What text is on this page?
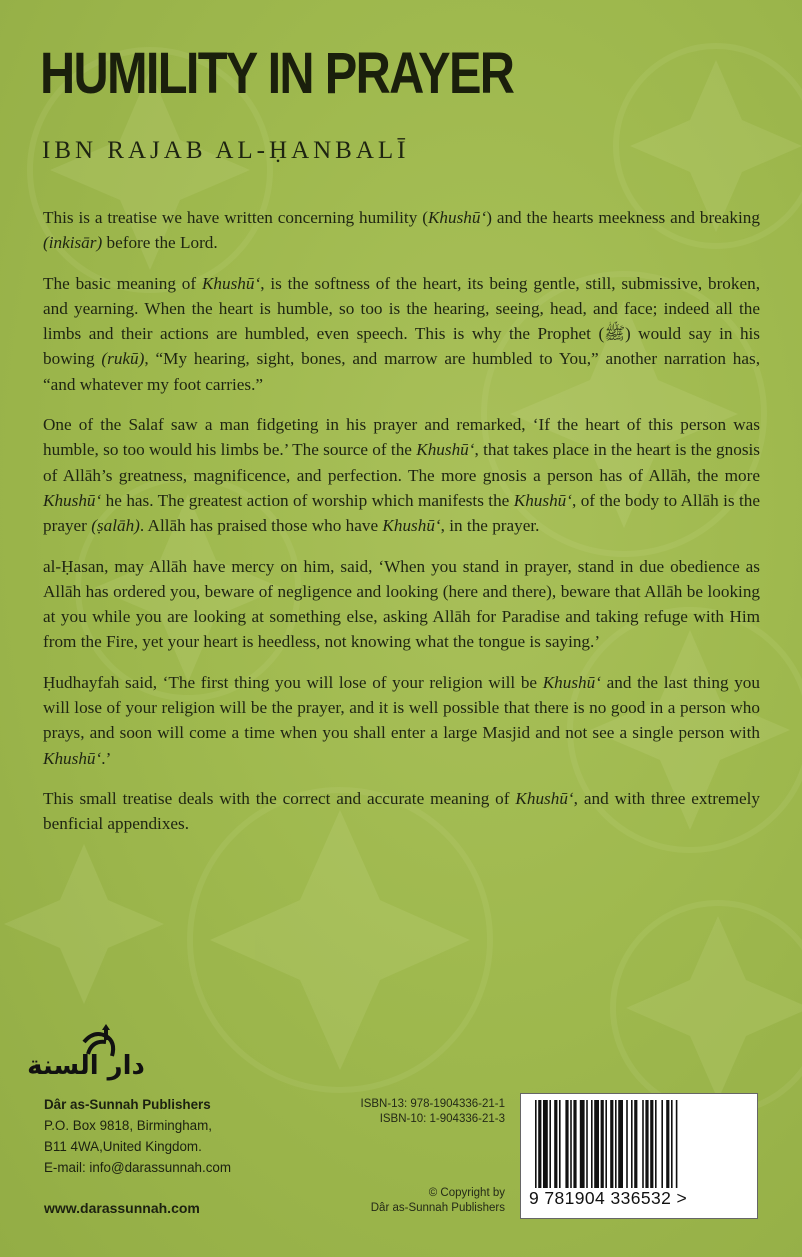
HUMILITY IN PRAYER
IBN RAJAB AL-ḤANBALĪ

This is a treatise we have written concerning humility (Khushū‘) and the hearts meekness and breaking (inkisār) before the Lord.

The basic meaning of Khushū‘, is the softness of the heart, its being gentle, still, submissive, broken, and yearning. When the heart is humble, so too is the hearing, seeing, head, and face; indeed all the limbs and their actions are humbled, even speech. This is why the Prophet (ﷺ) would say in his bowing (rukū), “My hearing, sight, bones, and marrow are humbled to You,” another narration has, “and whatever my foot carries.”

One of the Salaf saw a man fidgeting in his prayer and remarked, ‘If the heart of this person was humble, so too would his limbs be.’ The source of the Khushū‘, that takes place in the heart is the gnosis of Allāh’s greatness, magnificence, and perfection. The more gnosis a person has of Allāh, the more Khushū‘ he has. The greatest action of worship which manifests the Khushū‘, of the body to Allāh is the prayer (ṣalāh). Allāh has praised those who have Khushū‘, in the prayer.

al-Ḥasan, may Allāh have mercy on him, said, ‘When you stand in prayer, stand in due obedience as Allāh has ordered you, beware of negligence and looking (here and there), beware that Allāh be looking at you while you are looking at something else, asking Allāh for Paradise and taking refuge with Him from the Fire, yet your heart is heedless, not knowing what the tongue is saying.’

Ḥudhayfah said, ‘The first thing you will lose of your religion will be Khushū‘ and the last thing you will lose of your religion will be the prayer, and it is well possible that there is no good in a person who prays, and soon will come a time when you shall enter a large Masjid and not see a single person with Khushū‘.’

This small treatise deals with the correct and accurate meaning of Khushū‘, and with three extremely benficial appendixes.

دار السنة
Dâr as-Sunnah Publishers
P.O. Box 9818, Birmingham,
B11 4WA,United Kingdom.
E-mail: info@darassunnah.com
www.darassunnah.com
ISBN-13: 978-1904336-21-1
ISBN-10: 1-904336-21-3
© Copyright by
Dâr as-Sunnah Publishers 9 781904 336532 >
